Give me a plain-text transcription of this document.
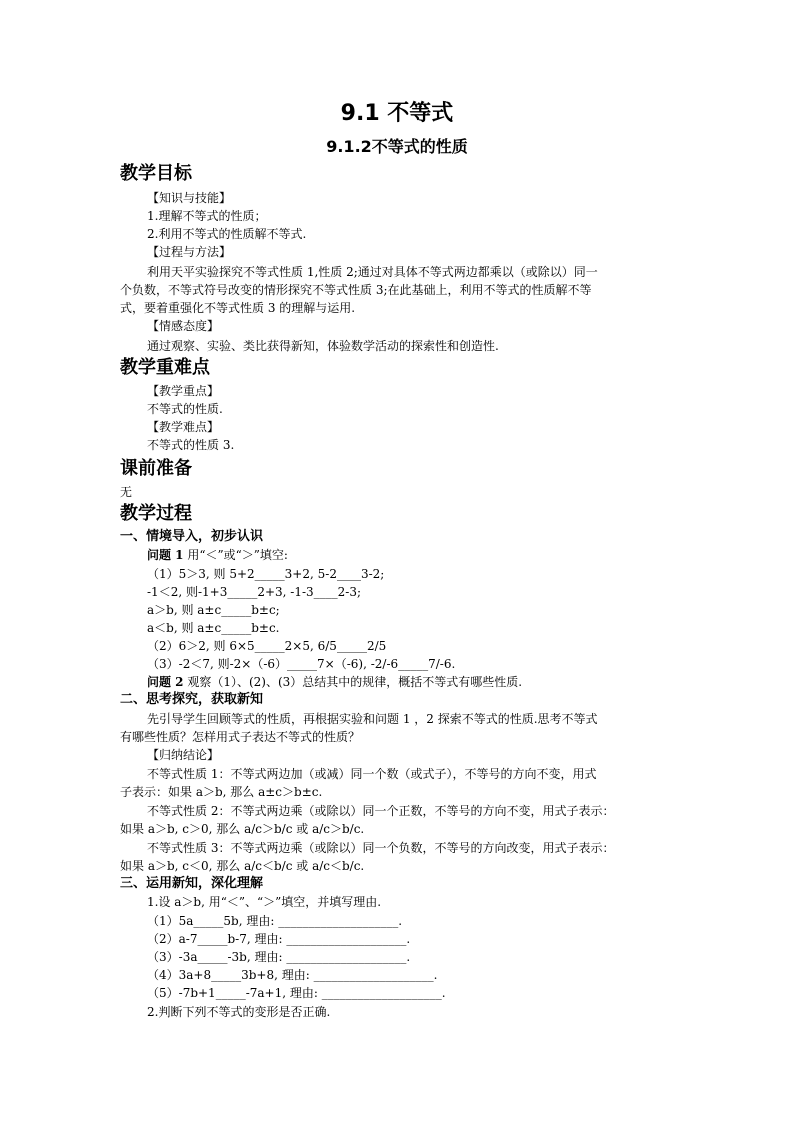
9.1 不等式
9.1.2不等式的性质
教学目标
【知识与技能】
1.理解不等式的性质；
2.利用不等式的性质解不等式.
【过程与方法】
利用天平实验探究不等式性质 1,性质 2;通过对具体不等式两边都乘以（或除以）同一
个负数，不等式符号改变的情形探究不等式性质 3;在此基础上，利用不等式的性质解不等
式，要着重强化不等式性质 3 的理解与运用.
【情感态度】
通过观察、实验、类比获得新知，体验数学活动的探索性和创造性.
教学重难点
【教学重点】
不等式的性质.
【教学难点】
不等式的性质 3.
课前准备
无
教学过程
一、情境导入，初步认识
问题 1 用“＜”或“＞”填空:
（1）5＞3, 则 5+2_____3+2, 5-2____3-2;
-1＜2, 则-1+3_____2+3, -1-3____2-3;
a＞b, 则 a±c_____b±c;
a＜b, 则 a±c_____b±c.
（2）6＞2, 则 6×5_____2×5, 6/5_____2/5
（3）-2＜7, 则-2×（-6）_____7×（-6), -2/-6_____7/-6.
问题 2 观察（1）、(2)、(3）总结其中的规律，概括不等式有哪些性质.
二、思考探究，获取新知
先引导学生回顾等式的性质，再根据实验和问题 1 ，2 探索不等式的性质.思考不等式
有哪些性质？怎样用式子表达不等式的性质？
【归纳结论】
不等式性质 1：不等式两边加（或减）同一个数（或式子），不等号的方向不变，用式
子表示：如果 a＞b, 那么 a±c＞b±c.
不等式性质 2：不等式两边乘（或除以）同一个正数，不等号的方向不变，用式子表示：
如果 a＞b, c＞0, 那么 a/c＞b/c 或 a/c＞b/c.
不等式性质 3：不等式两边乘（或除以）同一个负数，不等号的方向改变，用式子表示：
如果 a＞b, c＜0, 那么 a/c＜b/c 或 a/c＜b/c.
三、运用新知，深化理解
1.设 a＞b, 用“＜”、“＞”填空，并填写理由.
（1）5a_____5b, 理由: ____________________.
（2）a-7_____b-7, 理由: ____________________.
（3）-3a_____-3b, 理由: ____________________.
（4）3a+8_____3b+8, 理由: ____________________.
（5）-7b+1_____-7a+1, 理由: ____________________.
2.判断下列不等式的变形是否正确.
